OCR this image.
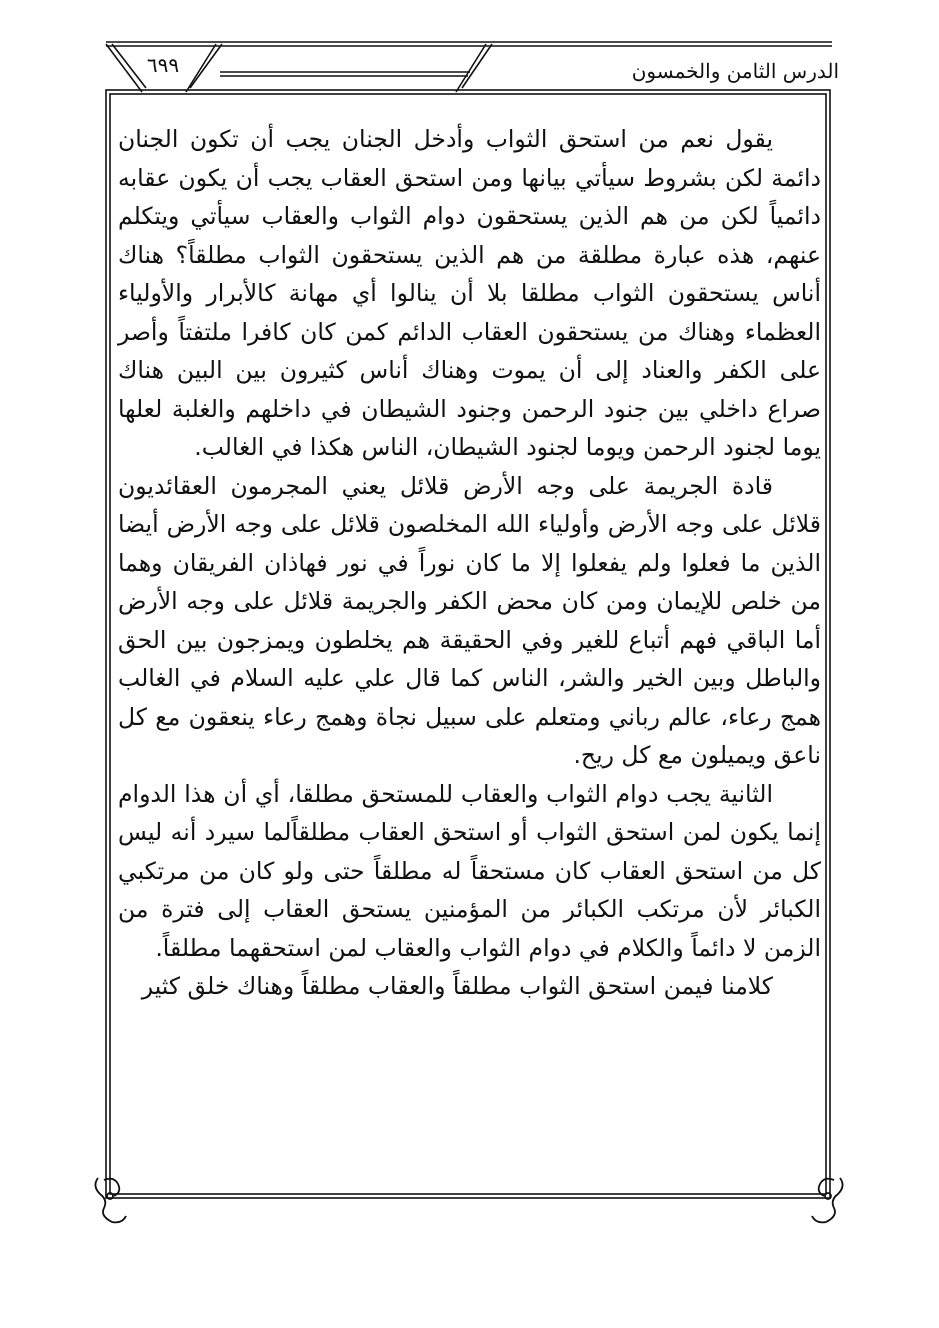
الدرس الثامن والخمسون
٦٩٩

يقول نعم من استحق الثواب وأدخل الجنان يجب أن تكون الجنان دائمة لكن بشروط سيأتي بيانها ومن استحق العقاب يجب أن يكون عقابه دائمياً لكن من هم الذين يستحقون دوام الثواب والعقاب سيأتي ويتكلم عنهم، هذه عبارة مطلقة من هم الذين يستحقون الثواب مطلقاً؟ هناك أناس يستحقون الثواب مطلقا بلا أن ينالوا أي مهانة كالأبرار والأولياء العظماء وهناك من يستحقون العقاب الدائم كمن كان كافرا ملتفتاً وأصر على الكفر والعناد إلى أن يموت وهناك أناس كثيرون بين البين هناك صراع داخلي بين جنود الرحمن وجنود الشيطان في داخلهم والغلبة لعلها يوما لجنود الرحمن ويوما لجنود الشيطان، الناس هكذا في الغالب.

قادة الجريمة على وجه الأرض قلائل يعني المجرمون العقائديون قلائل على وجه الأرض وأولياء الله المخلصون قلائل على وجه الأرض أيضا الذين ما فعلوا ولم يفعلوا إلا ما كان نوراً في نور فهاذان الفريقان وهما من خلص للإيمان ومن كان محض الكفر والجريمة قلائل على وجه الأرض أما الباقي فهم أتباع للغير وفي الحقيقة هم يخلطون ويمزجون بين الحق والباطل وبين الخير والشر، الناس كما قال علي عليه السلام في الغالب همج رعاء، عالم رباني ومتعلم على سبيل نجاة وهمج رعاء ينعقون مع كل ناعق ويميلون مع كل ريح.

الثانية يجب دوام الثواب والعقاب للمستحق مطلقا، أي أن هذا الدوام إنما يكون لمن استحق الثواب أو استحق العقاب مطلقاًلما سيرد أنه ليس كل من استحق العقاب كان مستحقاً له مطلقاً حتى ولو كان من مرتكبي الكبائر لأن مرتكب الكبائر من المؤمنين يستحق العقاب إلى فترة من الزمن لا دائماً والكلام في دوام الثواب والعقاب لمن استحقهما مطلقاً.

كلامنا فيمن استحق الثواب مطلقاً والعقاب مطلقاً وهناك خلق كثير
